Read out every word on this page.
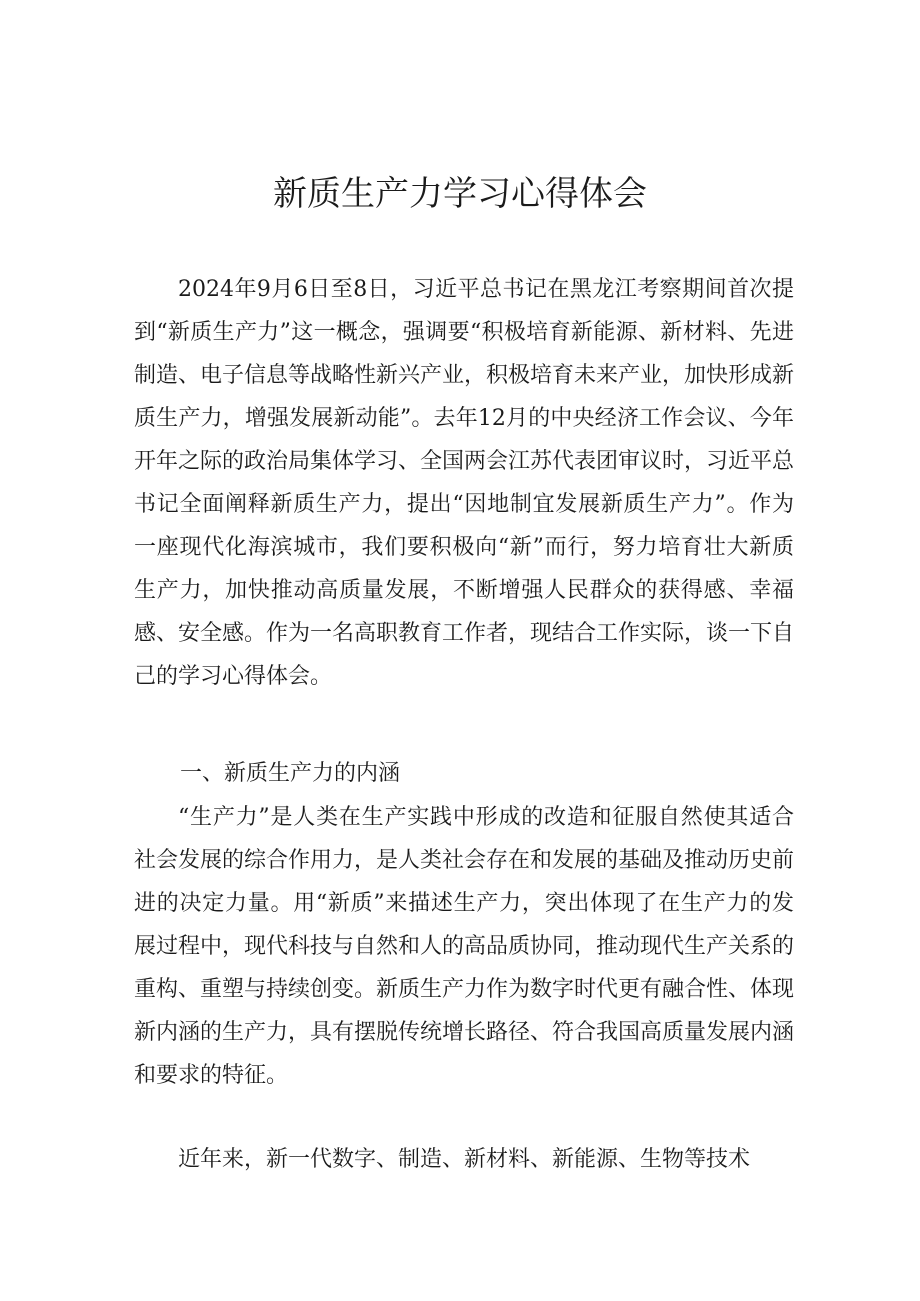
新质生产力学习心得体会

2024年9月6日至8日，习近平总书记在黑龙江考察期间首次提到“新质生产力”这一概念，强调要“积极培育新能源、新材料、先进制造、电子信息等战略性新兴产业，积极培育未来产业，加快形成新质生产力，增强发展新动能”。去年12月的中央经济工作会议、今年开年之际的政治局集体学习、全国两会江苏代表团审议时，习近平总书记全面阐释新质生产力，提出“因地制宜发展新质生产力”。作为一座现代化海滨城市，我们要积极向“新”而行，努力培育壮大新质生产力，加快推动高质量发展，不断增强人民群众的获得感、幸福感、安全感。作为一名高职教育工作者，现结合工作实际，谈一下自己的学习心得体会。

一、新质生产力的内涵

“生产力”是人类在生产实践中形成的改造和征服自然使其适合社会发展的综合作用力，是人类社会存在和发展的基础及推动历史前进的决定力量。用“新质”来描述生产力，突出体现了在生产力的发展过程中，现代科技与自然和人的高品质协同，推动现代生产关系的重构、重塑与持续创变。新质生产力作为数字时代更有融合性、体现新内涵的生产力，具有摆脱传统增长路径、符合我国高质量发展内涵和要求的特征。

近年来，新一代数字、制造、新材料、新能源、生物等技术
